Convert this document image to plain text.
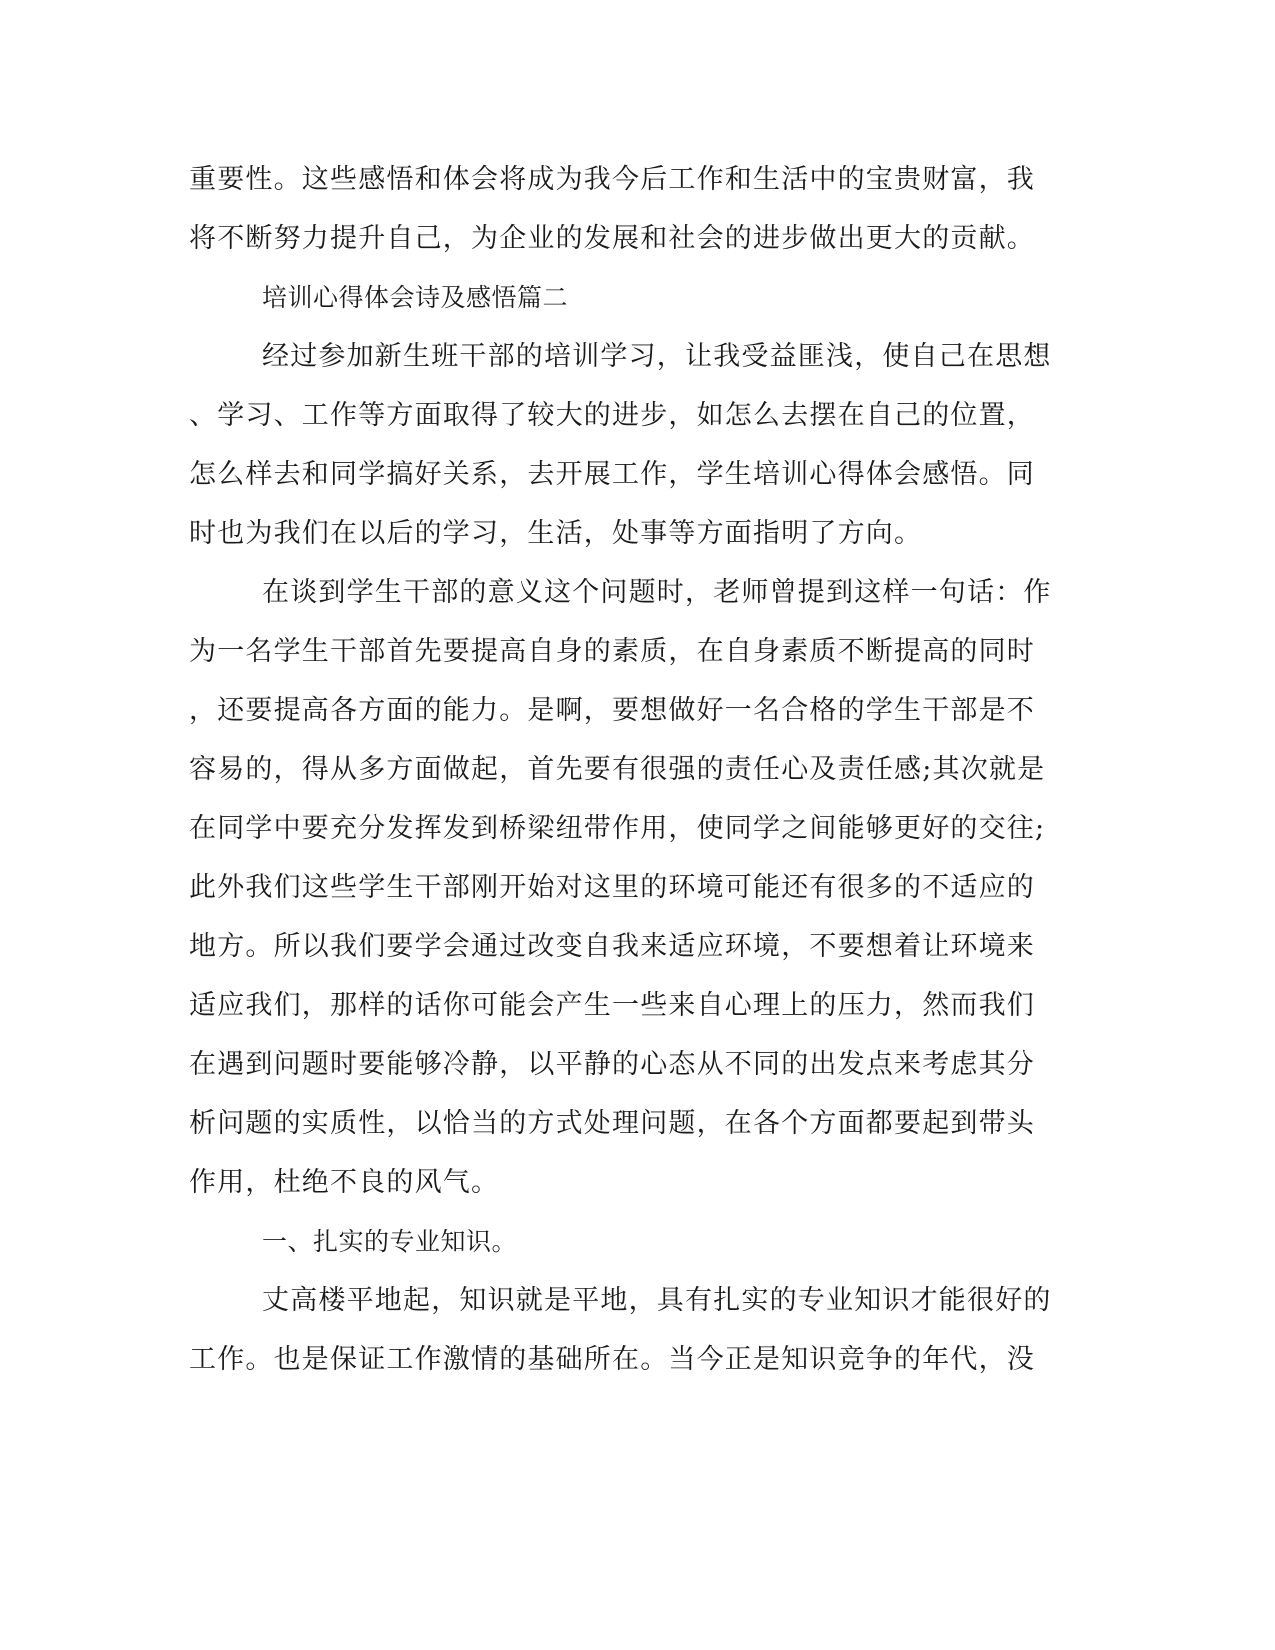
重要性。这些感悟和体会将成为我今后工作和生活中的宝贵财富，我
将不断努力提升自己，为企业的发展和社会的进步做出更大的贡献。
培训心得体会诗及感悟篇二
经过参加新生班干部的培训学习，让我受益匪浅，使自己在思想
、学习、工作等方面取得了较大的进步，如怎么去摆在自己的位置，
怎么样去和同学搞好关系，去开展工作，学生培训心得体会感悟。同
时也为我们在以后的学习，生活，处事等方面指明了方向。
在谈到学生干部的意义这个问题时，老师曾提到这样一句话：作
为一名学生干部首先要提高自身的素质，在自身素质不断提高的同时
，还要提高各方面的能力。是啊，要想做好一名合格的学生干部是不
容易的，得从多方面做起，首先要有很强的责任心及责任感;其次就是
在同学中要充分发挥发到桥梁纽带作用，使同学之间能够更好的交往;
此外我们这些学生干部刚开始对这里的环境可能还有很多的不适应的
地方。所以我们要学会通过改变自我来适应环境，不要想着让环境来
适应我们，那样的话你可能会产生一些来自心理上的压力，然而我们
在遇到问题时要能够冷静，以平静的心态从不同的出发点来考虑其分
析问题的实质性，以恰当的方式处理问题，在各个方面都要起到带头
作用，杜绝不良的风气。
一、扎实的专业知识。
丈高楼平地起，知识就是平地，具有扎实的专业知识才能很好的
工作。也是保证工作激情的基础所在。当今正是知识竞争的年代，没
